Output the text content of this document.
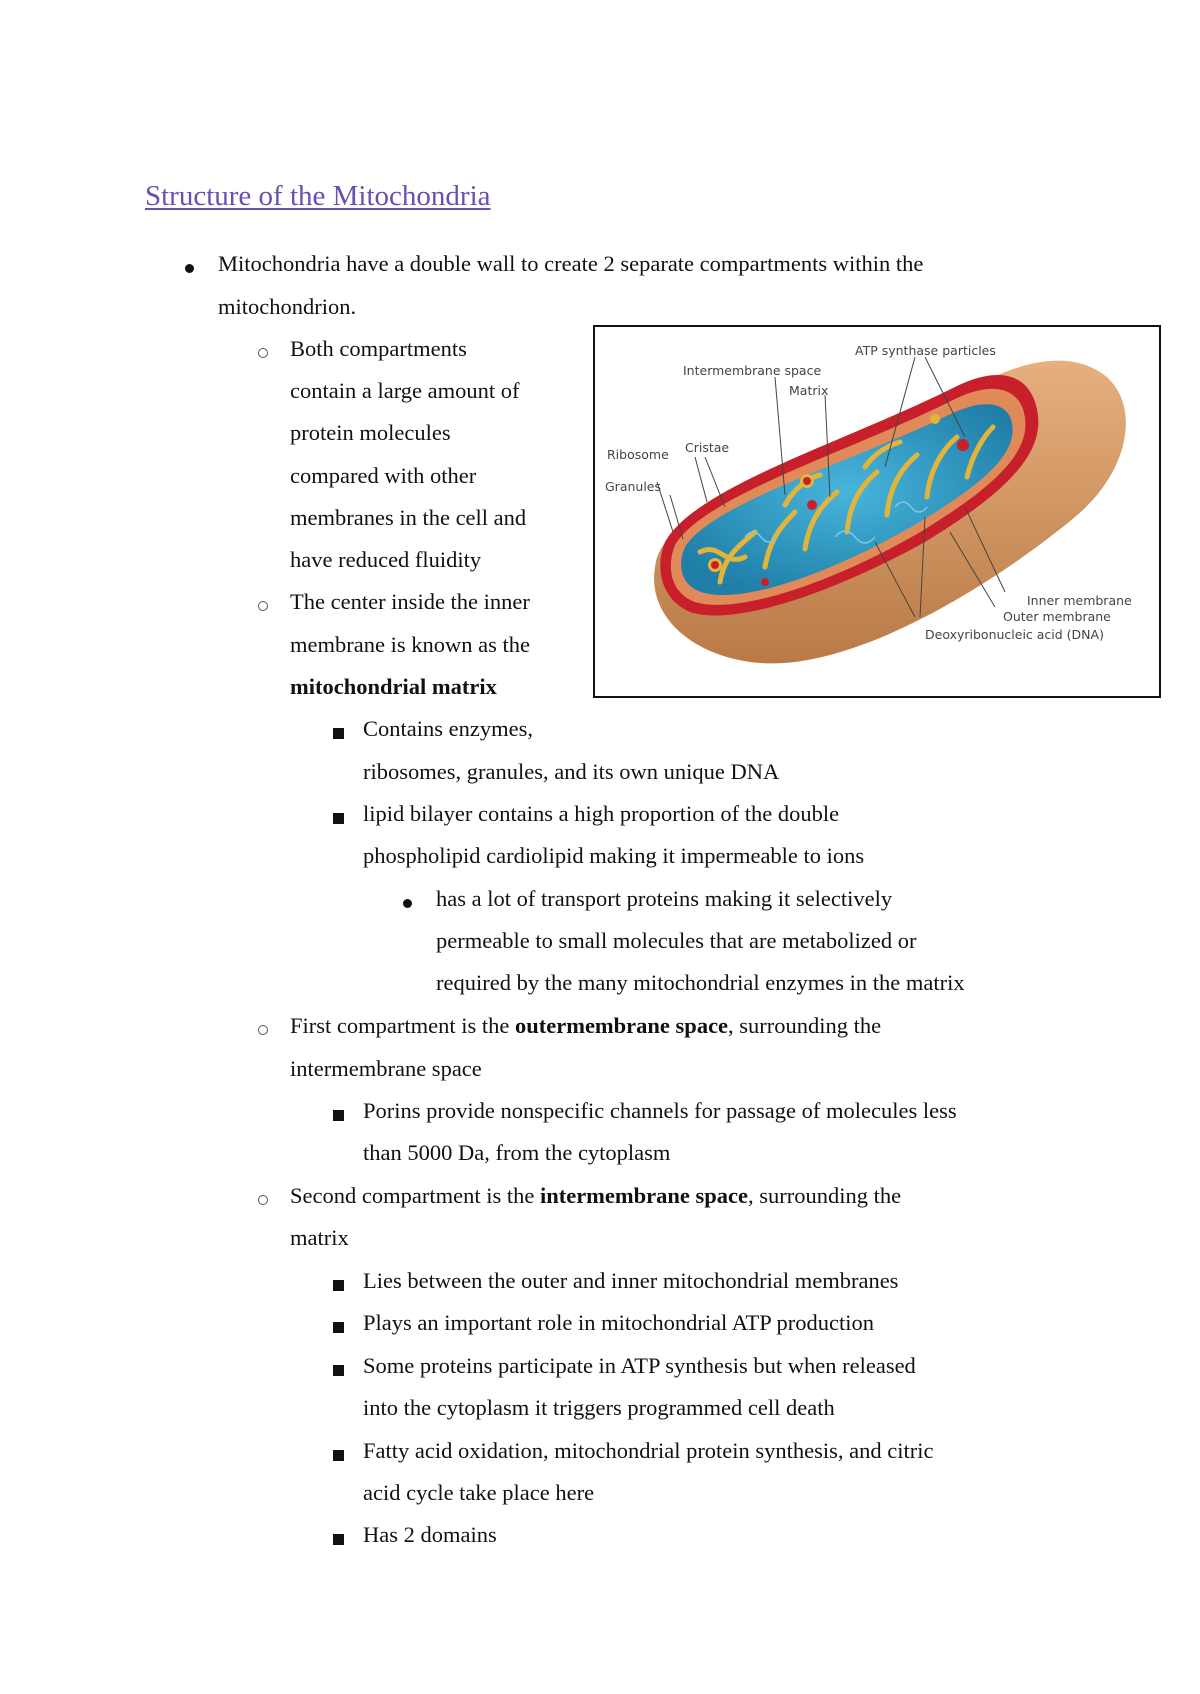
Structure of the Mitochondria
Mitochondria have a double wall to create 2 separate compartments within the
mitochondrion.
Both compartments
contain a large amount of
protein molecules
compared with other
membranes in the cell and
have reduced fluidity
The center inside the inner
membrane is known as the
mitochondrial matrix
Contains enzymes,
ribosomes, granules, and its own unique DNA
lipid bilayer contains a high proportion of the double
phospholipid cardiolipid making it impermeable to ions
has a lot of transport proteins making it selectively
permeable to small molecules that are metabolized or
required by the many mitochondrial enzymes in the matrix
First compartment is the outermembrane space, surrounding the
intermembrane space
Porins provide nonspecific channels for passage of molecules less
than 5000 Da, from the cytoplasm
Second compartment is the intermembrane space, surrounding the
matrix
Lies between the outer and inner mitochondrial membranes
Plays an important role in mitochondrial ATP production
Some proteins participate in ATP synthesis but when released
into the cytoplasm it triggers programmed cell death
Fatty acid oxidation, mitochondrial protein synthesis, and citric
acid cycle take place here
Has 2 domains
ATP synthase particles
Intermembrane space
Matrix
Cristae
Ribosome
Granules
Inner membrane
Outer membrane
Deoxyribonucleic acid (DNA)
